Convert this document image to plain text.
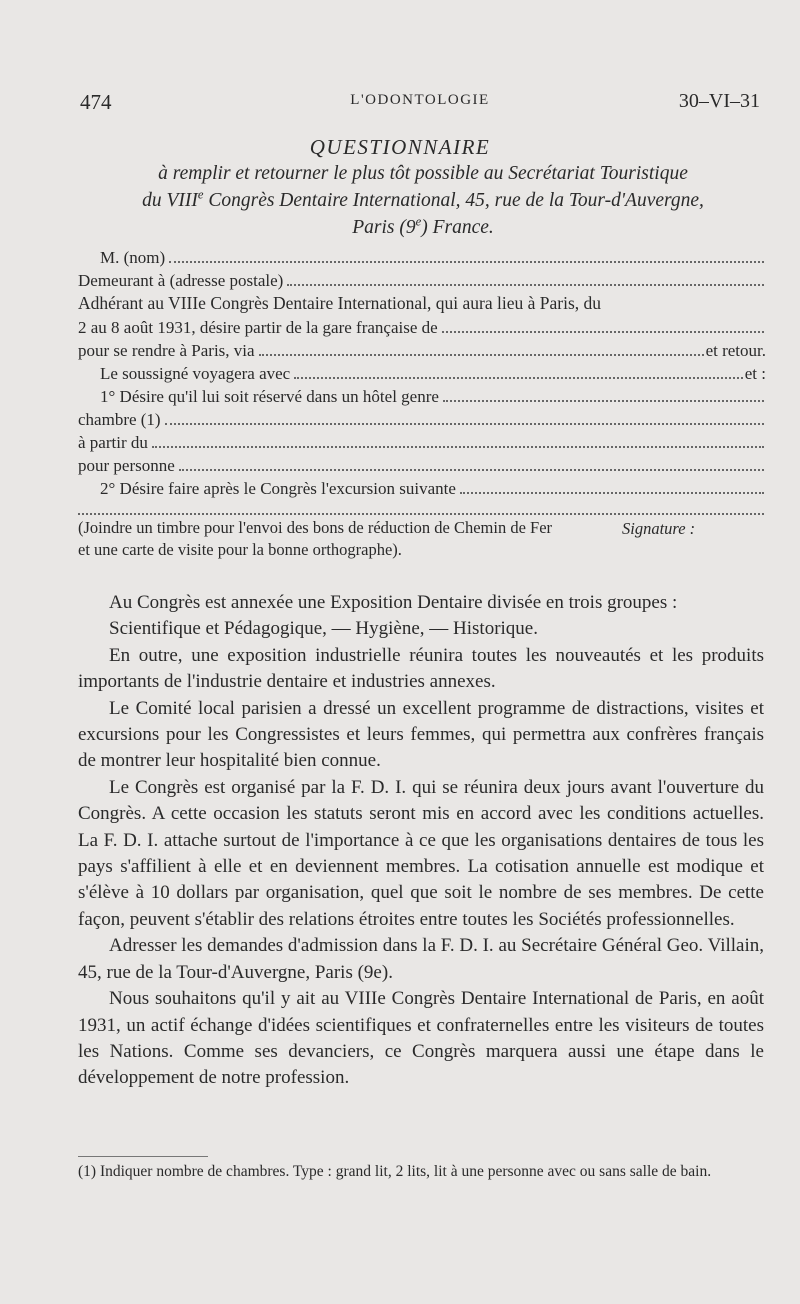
474	L'ODONTOLOGIE	30–VI–31
QUESTIONNAIRE
à remplir et retourner le plus tôt possible au Secrétariat Touristique
du VIIIe Congrès Dentaire International, 45, rue de la Tour-d'Auvergne,
Paris (9e) France.
M. (nom)
Demeurant à (adresse postale)
Adhérant au VIIIe Congrès Dentaire International, qui aura lieu à Paris, du
2 au 8 août 1931, désire partir de la gare française de
pour se rendre à Paris, via	et retour.
Le soussigné voyagera avec	et :
1° Désire qu'il lui soit réservé dans un hôtel genre
chambre (1)
à partir du
pour personne
2° Désire faire après le Congrès l'excursion suivante
(Joindre un timbre pour l'envoi des bons de réduction de Chemin de Fer et une carte de visite pour la bonne orthographe).
Signature :

Au Congrès est annexée une Exposition Dentaire divisée en trois groupes :

Scientifique et Pédagogique, — Hygiène, — Historique.

En outre, une exposition industrielle réunira toutes les nouveautés et les produits importants de l'industrie dentaire et industries annexes.

Le Comité local parisien a dressé un excellent programme de distractions, visites et excursions pour les Congressistes et leurs femmes, qui permettra aux confrères français de montrer leur hospitalité bien connue.

Le Congrès est organisé par la F. D. I. qui se réunira deux jours avant l'ouverture du Congrès. A cette occasion les statuts seront mis en accord avec les conditions actuelles. La F. D. I. attache surtout de l'importance à ce que les organisations dentaires de tous les pays s'affilient à elle et en deviennent membres. La cotisation annuelle est modique et s'élève à 10 dollars par organisation, quel que soit le nombre de ses membres. De cette façon, peuvent s'établir des relations étroites entre toutes les Sociétés professionnelles.

Adresser les demandes d'admission dans la F. D. I. au Secrétaire Général Geo. Villain, 45, rue de la Tour-d'Auvergne, Paris (9e).

Nous souhaitons qu'il y ait au VIIIe Congrès Dentaire International de Paris, en août 1931, un actif échange d'idées scientifiques et confraternelles entre les visiteurs de toutes les Nations. Comme ses devanciers, ce Congrès marquera aussi une étape dans le développement de notre profession.

(1) Indiquer nombre de chambres. Type : grand lit, 2 lits, lit à une personne avec ou sans salle de bain.
